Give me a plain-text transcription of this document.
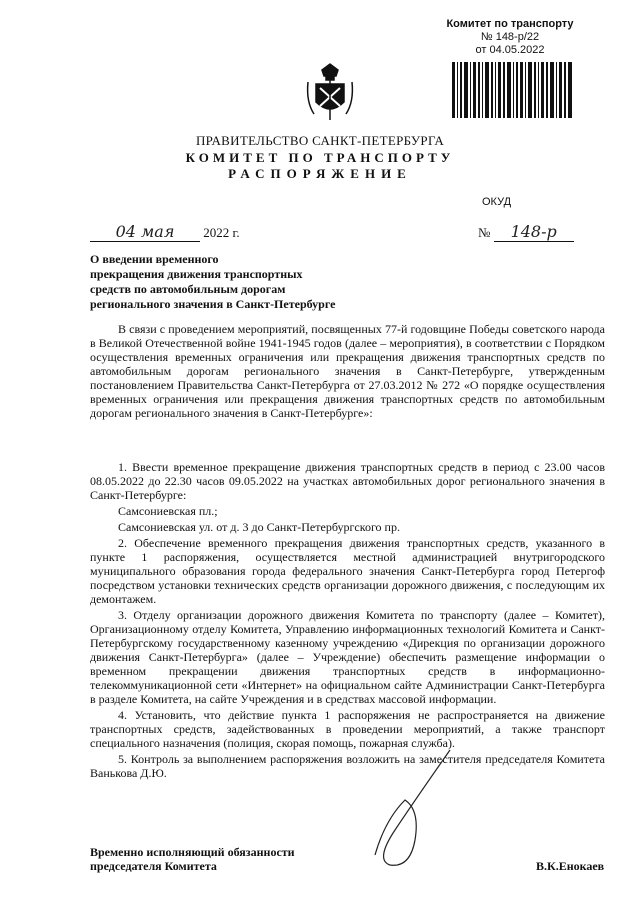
Комитет по транспорту
№ 148-р/22
от 04.05.2022
ПРАВИТЕЛЬСТВО САНКТ-ПЕТЕРБУРГА
КОМИТЕТ ПО ТРАНСПОРТУ
РАСПОРЯЖЕНИЕ
ОКУД
04 мая 2022 г.	№ 148-р
О введении временного
прекращения движения транспортных
средств по автомобильным дорогам
регионального значения в Санкт-Петербурге

В связи с проведением мероприятий, посвященных 77-й годовщине Победы советского народа в Великой Отечественной войне 1941-1945 годов (далее – мероприятия), в соответствии с Порядком осуществления временных ограничения или прекращения движения транспортных средств по автомобильным дорогам регионального значения в Санкт-Петербурге, утвержденным постановлением Правительства Санкт-Петербурга от 27.03.2012 № 272 «О порядке осуществления временных ограничения или прекращения движения транспортных средств по автомобильным дорогам регионального значения в Санкт-Петербурге»:

1. Ввести временное прекращение движения транспортных средств в период с 23.00 часов 08.05.2022 до 22.30 часов 09.05.2022 на участках автомобильных дорог регионального значения в Санкт-Петербурге:

Самсониевская пл.;

Самсониевская ул. от д. 3 до Санкт-Петербургского пр.

2. Обеспечение временного прекращения движения транспортных средств, указанного в пункте 1 распоряжения, осуществляется местной администрацией внутригородского муниципального образования города федерального значения Санкт-Петербурга город Петергоф посредством установки технических средств организации дорожного движения, с последующим их демонтажем.

3. Отделу организации дорожного движения Комитета по транспорту (далее – Комитет), Организационному отделу Комитета, Управлению информационных технологий Комитета и Санкт-Петербургскому государственному казенному учреждению «Дирекция по организации дорожного движения Санкт-Петербурга» (далее – Учреждение) обеспечить размещение информации о временном прекращении движения транспортных средств в информационно-телекоммуникационной сети «Интернет» на официальном сайте Администрации Санкт-Петербурга в разделе Комитета, на сайте Учреждения и в средствах массовой информации.

4. Установить, что действие пункта 1 распоряжения не распространяется на движение транспортных средств, задействованных в проведении мероприятий, а также транспорт специального назначения (полиция, скорая помощь, пожарная служба).

5. Контроль за выполнением распоряжения возложить на заместителя председателя Комитета Ванькова Д.Ю.

Временно исполняющий обязанности
председателя Комитета	В.К.Енокаев
